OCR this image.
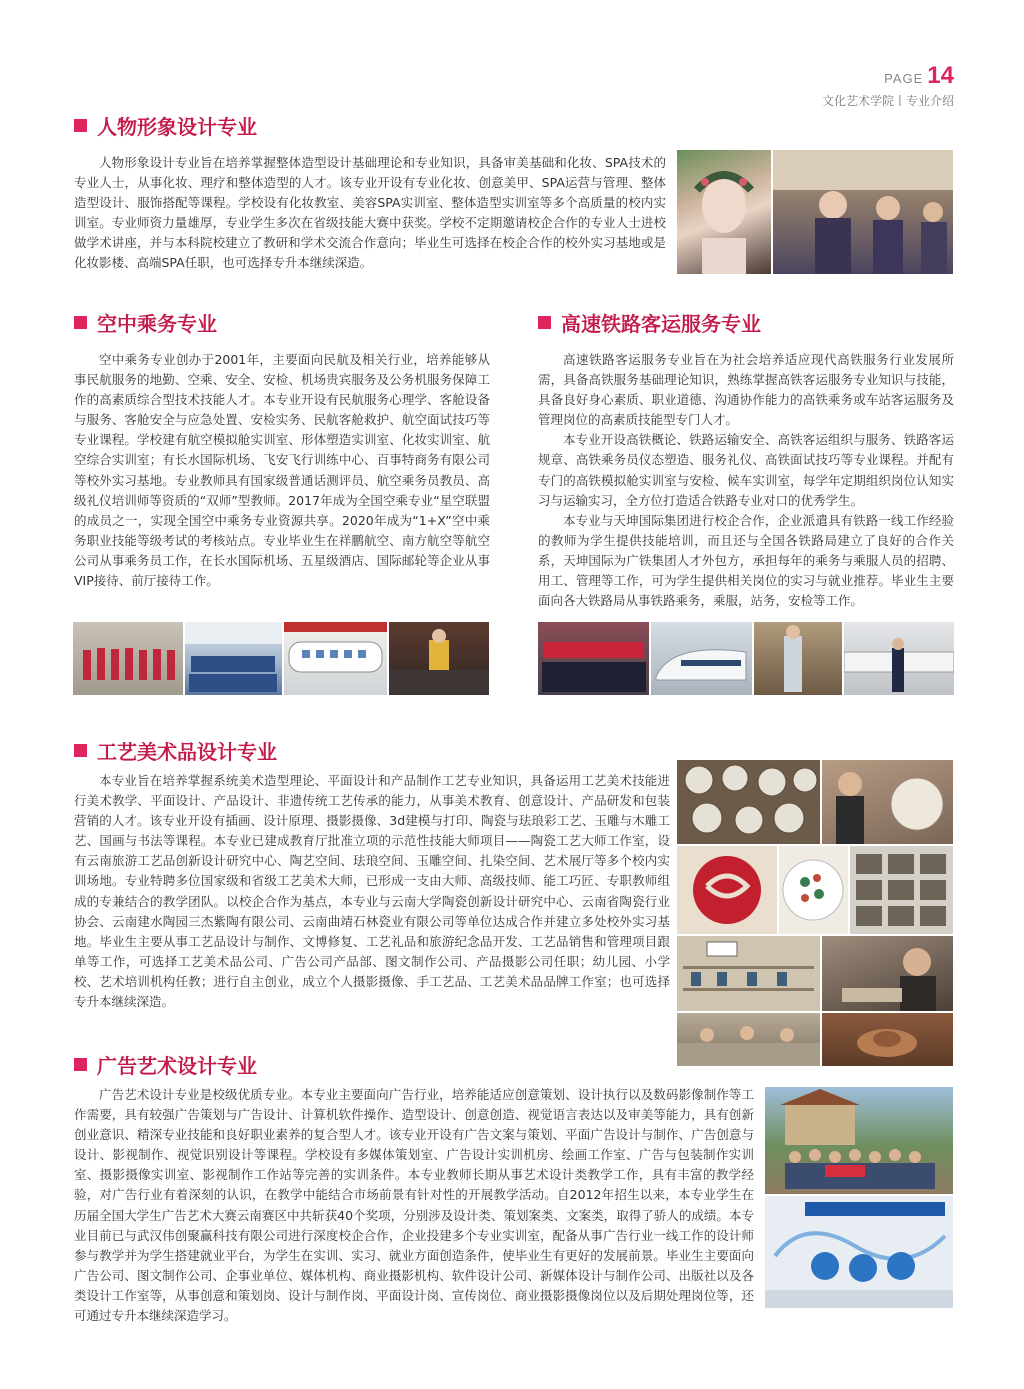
PAGE 14
文化艺术学院丨专业介绍
人物形象设计专业

人物形象设计专业旨在培养掌握整体造型设计基础理论和专业知识，具备审美基础和化妆、SPA技术的专业人士，从事化妆、理疗和整体造型的人才。该专业开设有专业化妆、创意美甲、SPA运营与管理、整体造型设计、服饰搭配等课程。学校设有化妆教室、美容SPA实训室、整体造型实训室等多个高质量的校内实训室。专业师资力量雄厚，专业学生多次在省级技能大赛中获奖。学校不定期邀请校企合作的专业人士进校做学术讲座，并与本科院校建立了教研和学术交流合作意向；毕业生可选择在校企合作的校外实习基地或是化妆影楼、高端SPA任职，也可选择专升本继续深造。

空中乘务专业

空中乘务专业创办于2001年，主要面向民航及相关行业，培养能够从事民航服务的地勤、空乘、安全、安检、机场贵宾服务及公务机服务保障工作的高素质综合型技术技能人才。本专业开设有民航服务心理学、客舱设备与服务、客舱安全与应急处置、安检实务、民航客舱救护、航空面试技巧等专业课程。学校建有航空模拟舱实训室、形体塑造实训室、化妆实训室、航空综合实训室；有长水国际机场、飞安飞行训练中心、百事特商务有限公司等校外实习基地。专业教师具有国家级普通话测评员、航空乘务员教员、高级礼仪培训师等资质的“双师”型教师。2017年成为全国空乘专业“星空联盟的成员之一，实现全国空中乘务专业资源共享。2020年成为“1+X”空中乘务职业技能等级考试的考核站点。专业毕业生在祥鹏航空、南方航空等航空公司从事乘务员工作，在长水国际机场、五星级酒店、国际邮轮等企业从事VIP接待、前厅接待工作。

高速铁路客运服务专业

高速铁路客运服务专业旨在为社会培养适应现代高铁服务行业发展所需，具备高铁服务基础理论知识，熟练掌握高铁客运服务专业知识与技能，具备良好身心素质、职业道德、沟通协作能力的高铁乘务或车站客运服务及管理岗位的高素质技能型专门人才。

本专业开设高铁概论、铁路运输安全、高铁客运组织与服务、铁路客运规章、高铁乘务员仪态塑造、服务礼仪、高铁面试技巧等专业课程。并配有专门的高铁模拟舱实训室与安检、候车实训室，每学年定期组织岗位认知实习与运输实习，全方位打造适合铁路专业对口的优秀学生。

本专业与天坤国际集团进行校企合作，企业派遣具有铁路一线工作经验的教师为学生提供技能培训，而且还与全国各铁路局建立了良好的合作关系，天坤国际为广铁集团人才外包方，承担每年的乘务与乘服人员的招聘、用工、管理等工作，可为学生提供相关岗位的实习与就业推荐。毕业生主要面向各大铁路局从事铁路乘务，乘服，站务，安检等工作。

工艺美术品设计专业

本专业旨在培养掌握系统美术造型理论、平面设计和产品制作工艺专业知识，具备运用工艺美术技能进行美术教学、平面设计、产品设计、非遗传统工艺传承的能力，从事美术教育、创意设计、产品研发和包装营销的人才。该专业开设有插画、设计原理、摄影摄像、3d建模与打印、陶瓷与珐琅彩工艺、玉雕与木雕工艺、国画与书法等课程。本专业已建成教育厅批准立项的示范性技能大师项目——陶瓷工艺大师工作室，设有云南旅游工艺品创新设计研究中心、陶艺空间、珐琅空间、玉雕空间、扎染空间、艺术展厅等多个校内实训场地。专业特聘多位国家级和省级工艺美术大师，已形成一支由大师、高级技师、能工巧匠、专职教师组成的专兼结合的教学团队。以校企合作为基点，本专业与云南大学陶瓷创新设计研究中心、云南省陶瓷行业协会、云南建水陶园三杰紫陶有限公司、云南曲靖石林瓷业有限公司等单位达成合作并建立多处校外实习基地。毕业生主要从事工艺品设计与制作、文博修复、工艺礼品和旅游纪念品开发、工艺品销售和管理项目跟单等工作，可选择工艺美术品公司、广告公司产品部、图文制作公司、产品摄影公司任职；幼儿园、小学校、艺术培训机构任教；进行自主创业，成立个人摄影摄像、手工艺品、工艺美术品品牌工作室；也可选择专升本继续深造。

广告艺术设计专业

广告艺术设计专业是校级优质专业。本专业主要面向广告行业，培养能适应创意策划、设计执行以及数码影像制作等工作需要，具有较强广告策划与广告设计、计算机软件操作、造型设计、创意创造、视觉语言表达以及审美等能力，具有创新创业意识、精深专业技能和良好职业素养的复合型人才。该专业开设有广告文案与策划、平面广告设计与制作、广告创意与设计、影视制作、视觉识别设计等课程。学校设有多媒体策划室、广告设计实训机房、绘画工作室、广告与包装制作实训室、摄影摄像实训室、影视制作工作站等完善的实训条件。本专业教师长期从事艺术设计类教学工作，具有丰富的教学经验，对广告行业有着深刻的认识，在教学中能结合市场前景有针对性的开展教学活动。自2012年招生以来，本专业学生在历届全国大学生广告艺术大赛云南赛区中共斩获40个奖项，分别涉及设计类、策划案类、文案类，取得了骄人的成绩。本专业目前已与武汉伟创聚赢科技有限公司进行深度校企合作，企业投建多个专业实训室，配备从事广告行业一线工作的设计师参与教学并为学生搭建就业平台，为学生在实训、实习、就业方面创造条件，使毕业生有更好的发展前景。毕业生主要面向广告公司、图文制作公司、企事业单位、媒体机构、商业摄影机构、软件设计公司、新媒体设计与制作公司、出版社以及各类设计工作室等，从事创意和策划岗、设计与制作岗、平面设计岗、宣传岗位、商业摄影摄像岗位以及后期处理岗位等，还可通过专升本继续深造学习。
